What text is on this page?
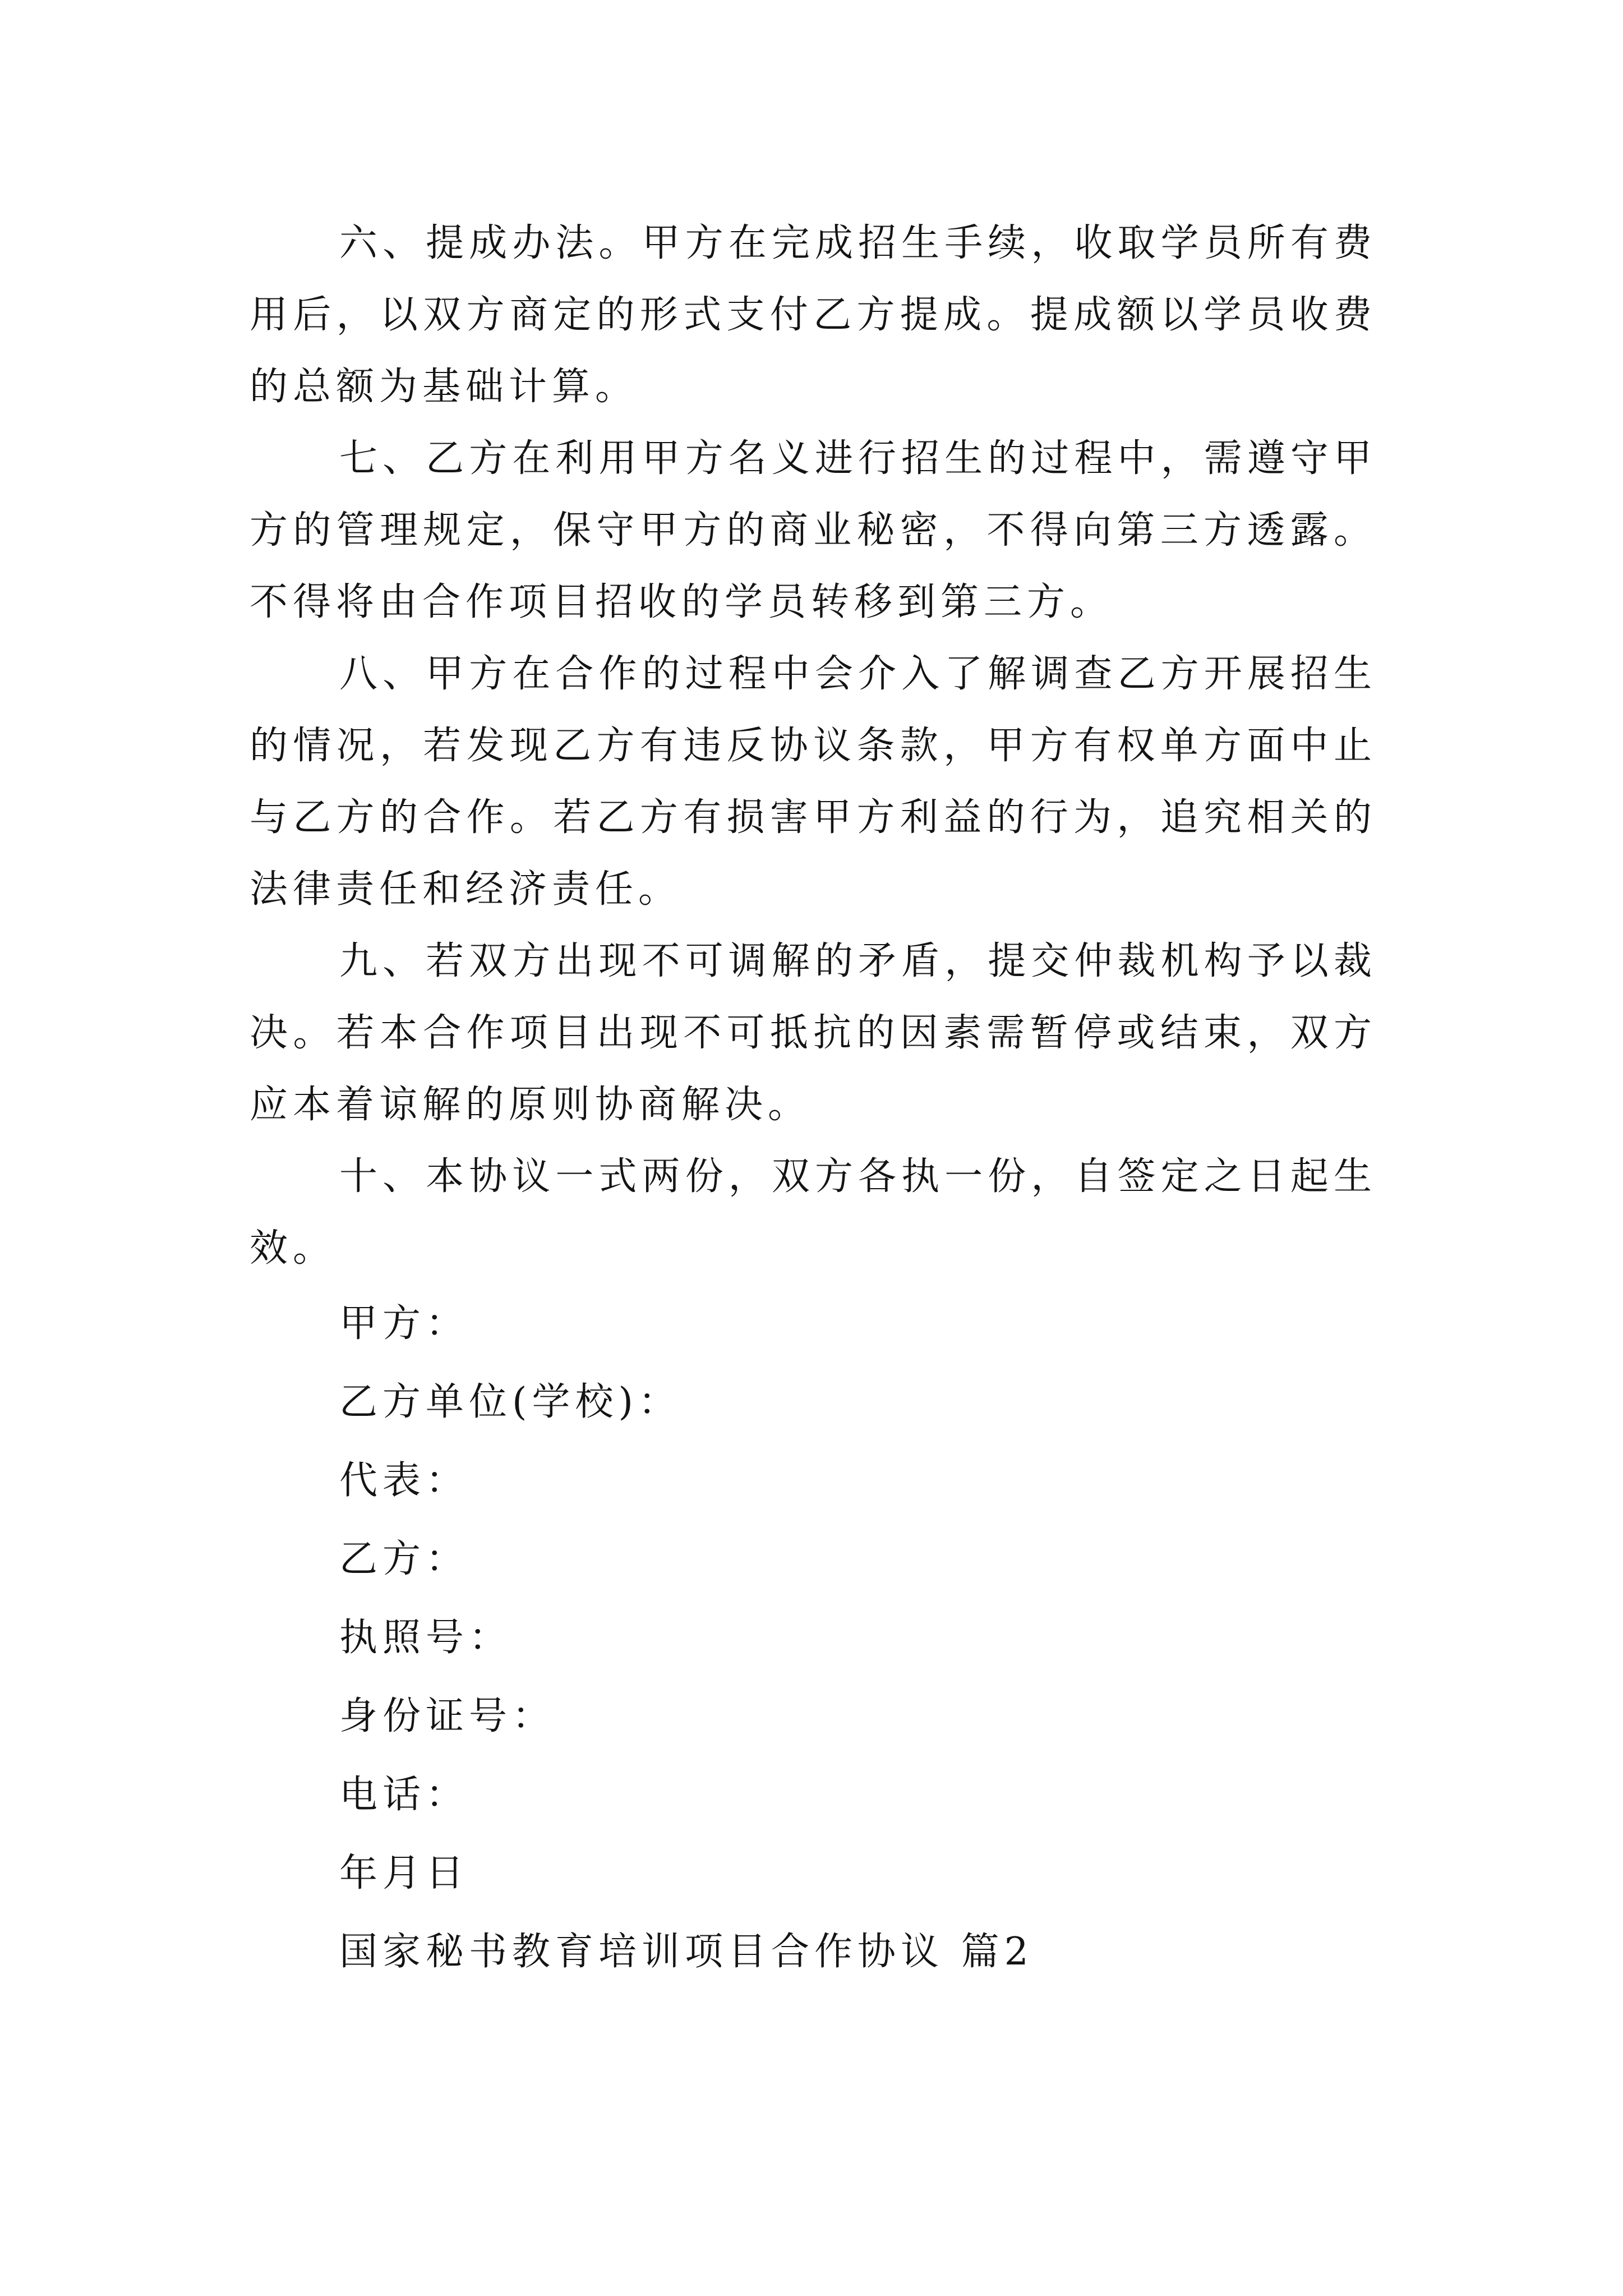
六、提成办法。甲方在完成招生手续，收取学员所有费用后，以双方商定的形式支付乙方提成。提成额以学员收费的总额为基础计算。

七、乙方在利用甲方名义进行招生的过程中，需遵守甲方的管理规定，保守甲方的商业秘密，不得向第三方透露。不得将由合作项目招收的学员转移到第三方。

八、甲方在合作的过程中会介入了解调查乙方开展招生的情况，若发现乙方有违反协议条款，甲方有权单方面中止与乙方的合作。若乙方有损害甲方利益的行为，追究相关的法律责任和经济责任。

九、若双方出现不可调解的矛盾，提交仲裁机构予以裁决。若本合作项目出现不可抵抗的因素需暂停或结束，双方应本着谅解的原则协商解决。

十、本协议一式两份，双方各执一份，自签定之日起生效。

甲方：

乙方单位(学校)：

代表：

乙方：

执照号：

身份证号：

电话：

年月日

国家秘书教育培训项目合作协议 篇2
